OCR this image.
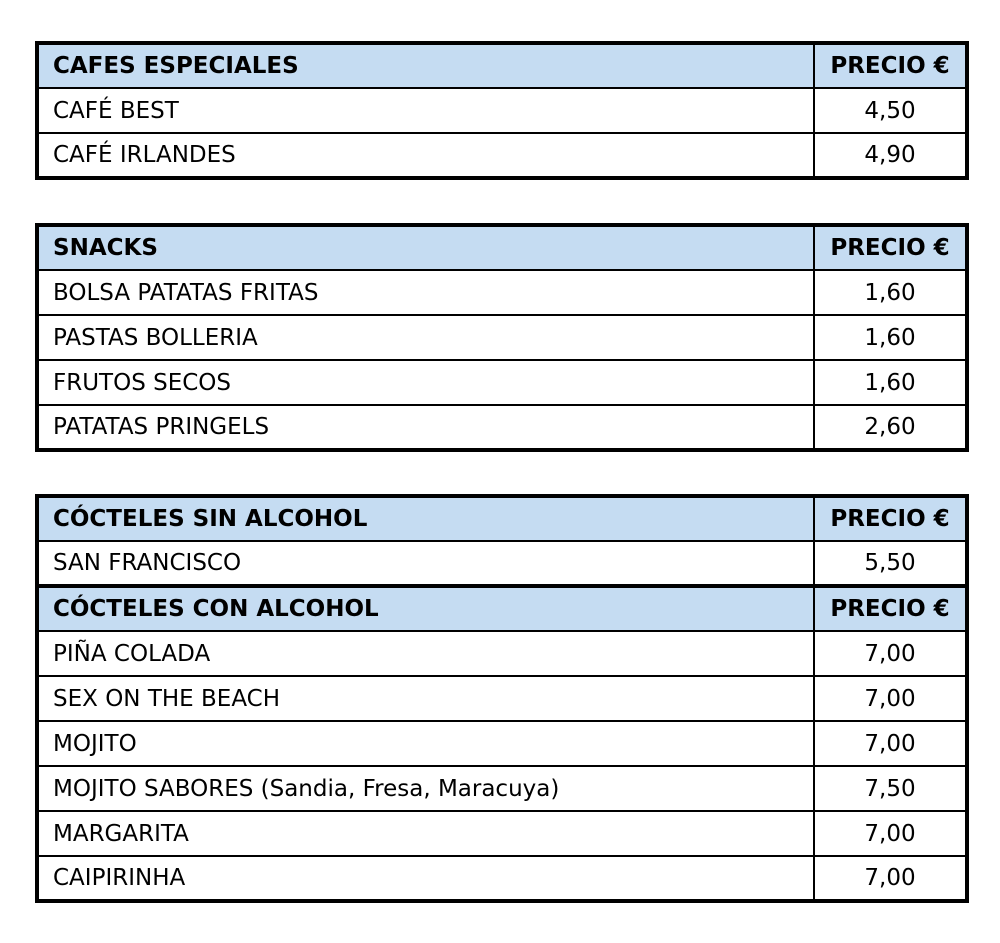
CAFES ESPECIALES	PRECIO €
CAFÉ BEST	4,50
CAFÉ IRLANDES	4,90
SNACKS	PRECIO €
BOLSA PATATAS FRITAS	1,60
PASTAS BOLLERIA	1,60
FRUTOS SECOS	1,60
PATATAS PRINGELS	2,60
CÓCTELES SIN ALCOHOL	PRECIO €
SAN FRANCISCO	5,50
CÓCTELES CON ALCOHOL	PRECIO €
PIÑA COLADA	7,00
SEX ON THE BEACH	7,00
MOJITO	7,00
MOJITO SABORES (Sandia, Fresa, Maracuya)	7,50
MARGARITA	7,00
CAIPIRINHA	7,00
